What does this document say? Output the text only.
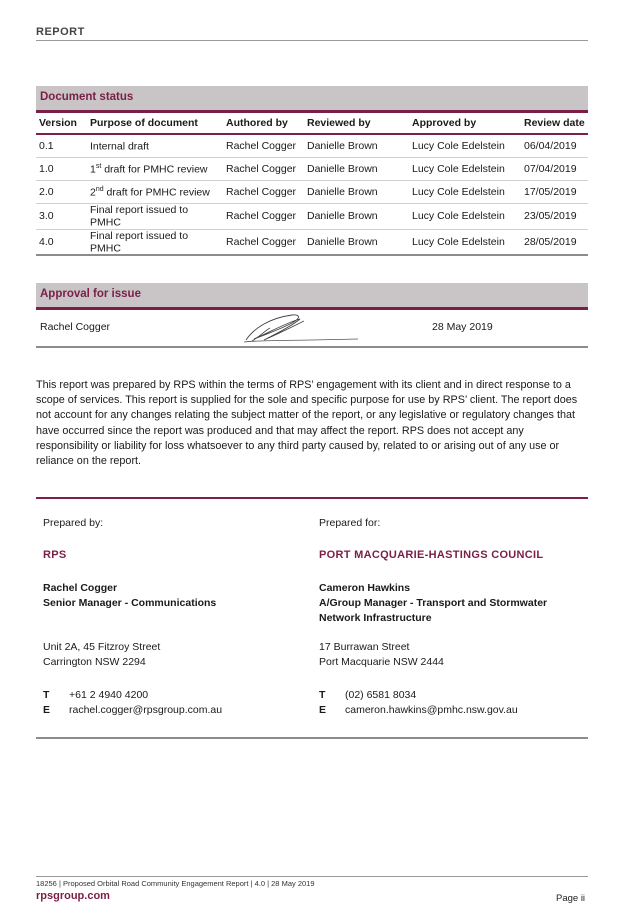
REPORT
Document status
Version	Purpose of document	Authored by	Reviewed by	Approved by	Review date
0.1	Internal draft	Rachel Cogger	Danielle Brown	Lucy Cole Edelstein	06/04/2019
1.0	1st draft for PMHC review	Rachel Cogger	Danielle Brown	Lucy Cole Edelstein	07/04/2019
2.0	2nd draft for PMHC review	Rachel Cogger	Danielle Brown	Lucy Cole Edelstein	17/05/2019
3.0	Final report issued to PMHC	Rachel Cogger	Danielle Brown	Lucy Cole Edelstein	23/05/2019
4.0	Final report issued to PMHC	Rachel Cogger	Danielle Brown	Lucy Cole Edelstein	28/05/2019
Approval for issue
Rachel Cogger	28 May 2019
This report was prepared by RPS within the terms of RPS’ engagement with its client and in direct response to a scope of services. This report is supplied for the sole and specific purpose for use by RPS’ client. The report does not account for any changes relating the subject matter of the report, or any legislative or regulatory changes that have occurred since the report was produced and that may affect the report. RPS does not accept any responsibility or liability for loss whatsoever to any third party caused by, related to or arising out of any use or reliance on the report.
Prepared by:
RPS
Rachel Cogger
Senior Manager - Communications
Unit 2A, 45 Fitzroy Street
Carrington NSW 2294
T +61 2 4940 4200
E rachel.cogger@rpsgroup.com.au
Prepared for:
PORT MACQUARIE-HASTINGS COUNCIL
Cameron Hawkins
A/Group Manager - Transport and Stormwater
Network Infrastructure
17 Burrawan Street
Port Macquarie NSW 2444
T (02) 6581 8034
E cameron.hawkins@pmhc.nsw.gov.au
18256 | Proposed Orbital Road Community Engagement Report | 4.0 | 28 May 2019
rpsgroup.com	Page ii
